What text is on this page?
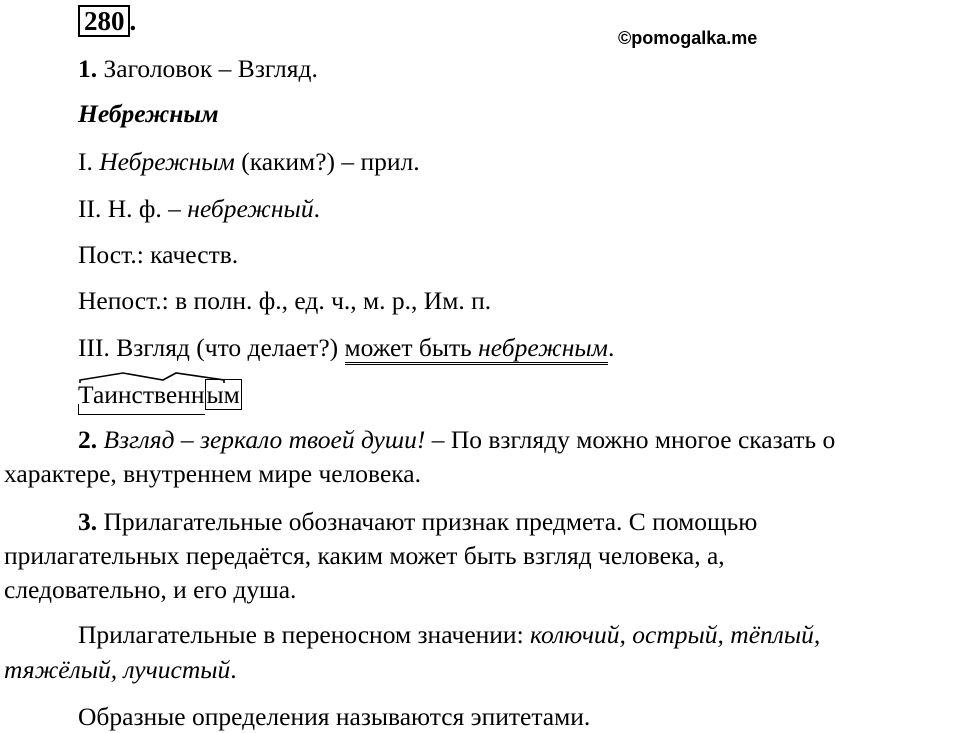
280 .
©pomogalka.me
1. Заголовок – Взгляд.
Небрежным
I. Небрежным (каким?) – прил.
II. Н. ф. – небрежный.
Пост.: качеств.
Непост.: в полн. ф., ед. ч., м. р., Им. п.
III. Взгляд (что делает?) может быть небрежным.
Таинственн
ым
2. Взгляд – зеркало твоей души! – По взгляду можно многое сказать о
характере, внутреннем мире человека.
3. Прилагательные обозначают признак предмета. С помощью
прилагательных передаётся, каким может быть взгляд человека, а,
следовательно, и его душа.
Прилагательные в переносном значении: колючий, острый, тёплый,
тяжёлый, лучистый.
Образные определения называются эпитетами.
